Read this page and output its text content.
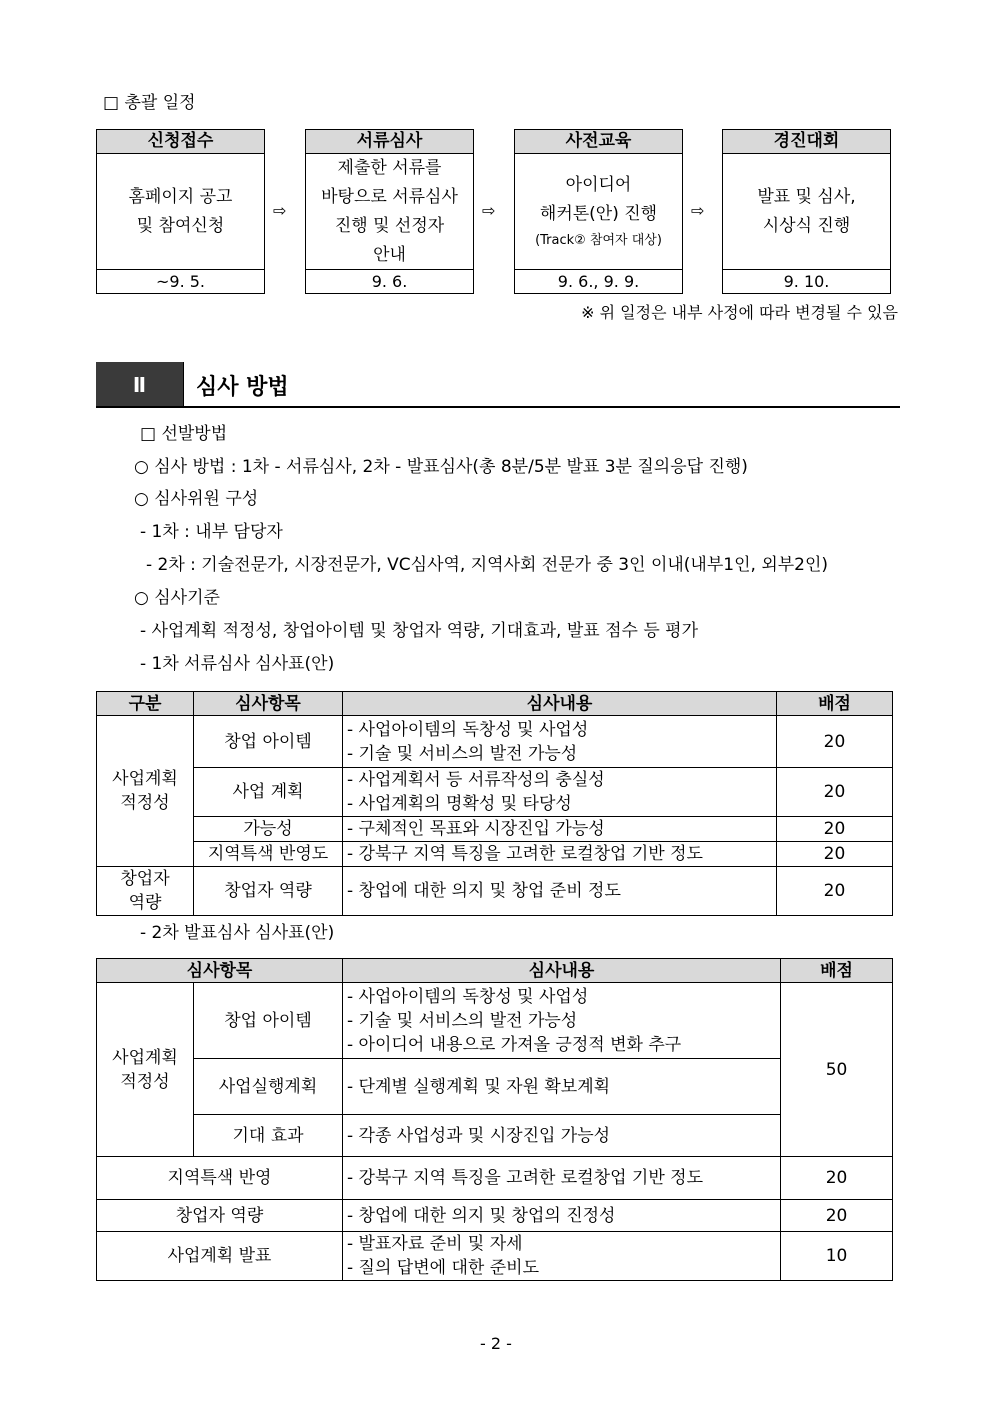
□ 총괄 일정
신청접수
홈페이지 공고
및 참여신청
~9. 5.
⇨
서류심사
제출한 서류를
바탕으로 서류심사
진행 및 선정자
안내
9. 6.
⇨
사전교육
아이디어
해커톤(안) 진행
(Track② 참여자 대상)
9. 6., 9. 9.
⇨
경진대회
발표 및 심사,
시상식 진행
9. 10.
※ 위 일정은 내부 사정에 따라 변경될 수 있음
Ⅱ	심사 방법
□ 선발방법
○ 심사 방법 : 1차 - 서류심사, 2차 - 발표심사(총 8분/5분 발표 3분 질의응답 진행)
○ 심사위원 구성
- 1차 : 내부 담당자
- 2차 : 기술전문가, 시장전문가, VC심사역, 지역사회 전문가 중 3인 이내(내부1인, 외부2인)
○ 심사기준
- 사업계획 적정성, 창업아이템 및 창업자 역량, 기대효과, 발표 점수 등 평가
- 1차 서류심사 심사표(안)
구분	심사항목	심사내용	배점

사업계획
적정성	창업 아이템	- 사업아이템의 독창성 및 사업성
- 기술 및 서비스의 발전 가능성	20
	사업 계획	- 사업계획서 등 서류작성의 충실성
- 사업계획의 명확성 및 타당성	20
	가능성	- 구체적인 목표와 시장진입 가능성	20
	지역특색 반영도	- 강북구 지역 특징을 고려한 로컬창업 기반 정도	20

창업자
역량	창업자 역량	- 창업에 대한 의지 및 창업 준비 정도	20
- 2차 발표심사 심사표(안)
심사항목		심사내용	배점

사업계획
적정성	창업 아이템	- 사업아이템의 독창성 및 사업성
- 기술 및 서비스의 발전 가능성
- 아이디어 내용으로 가져올 긍정적 변화 추구	50
	사업실행계획	- 단계별 실행계획 및 자원 확보계획	

	기대 효과	- 각종 사업성과 및 시장진입 가능성	

지역특색 반영		- 강북구 지역 특징을 고려한 로컬창업 기반 정도	20
창업자 역량		- 창업에 대한 의지 및 창업의 진정성	20
사업계획 발표		- 발표자료 준비 및 자세
- 질의 답변에 대한 준비도	10
- 2 -
